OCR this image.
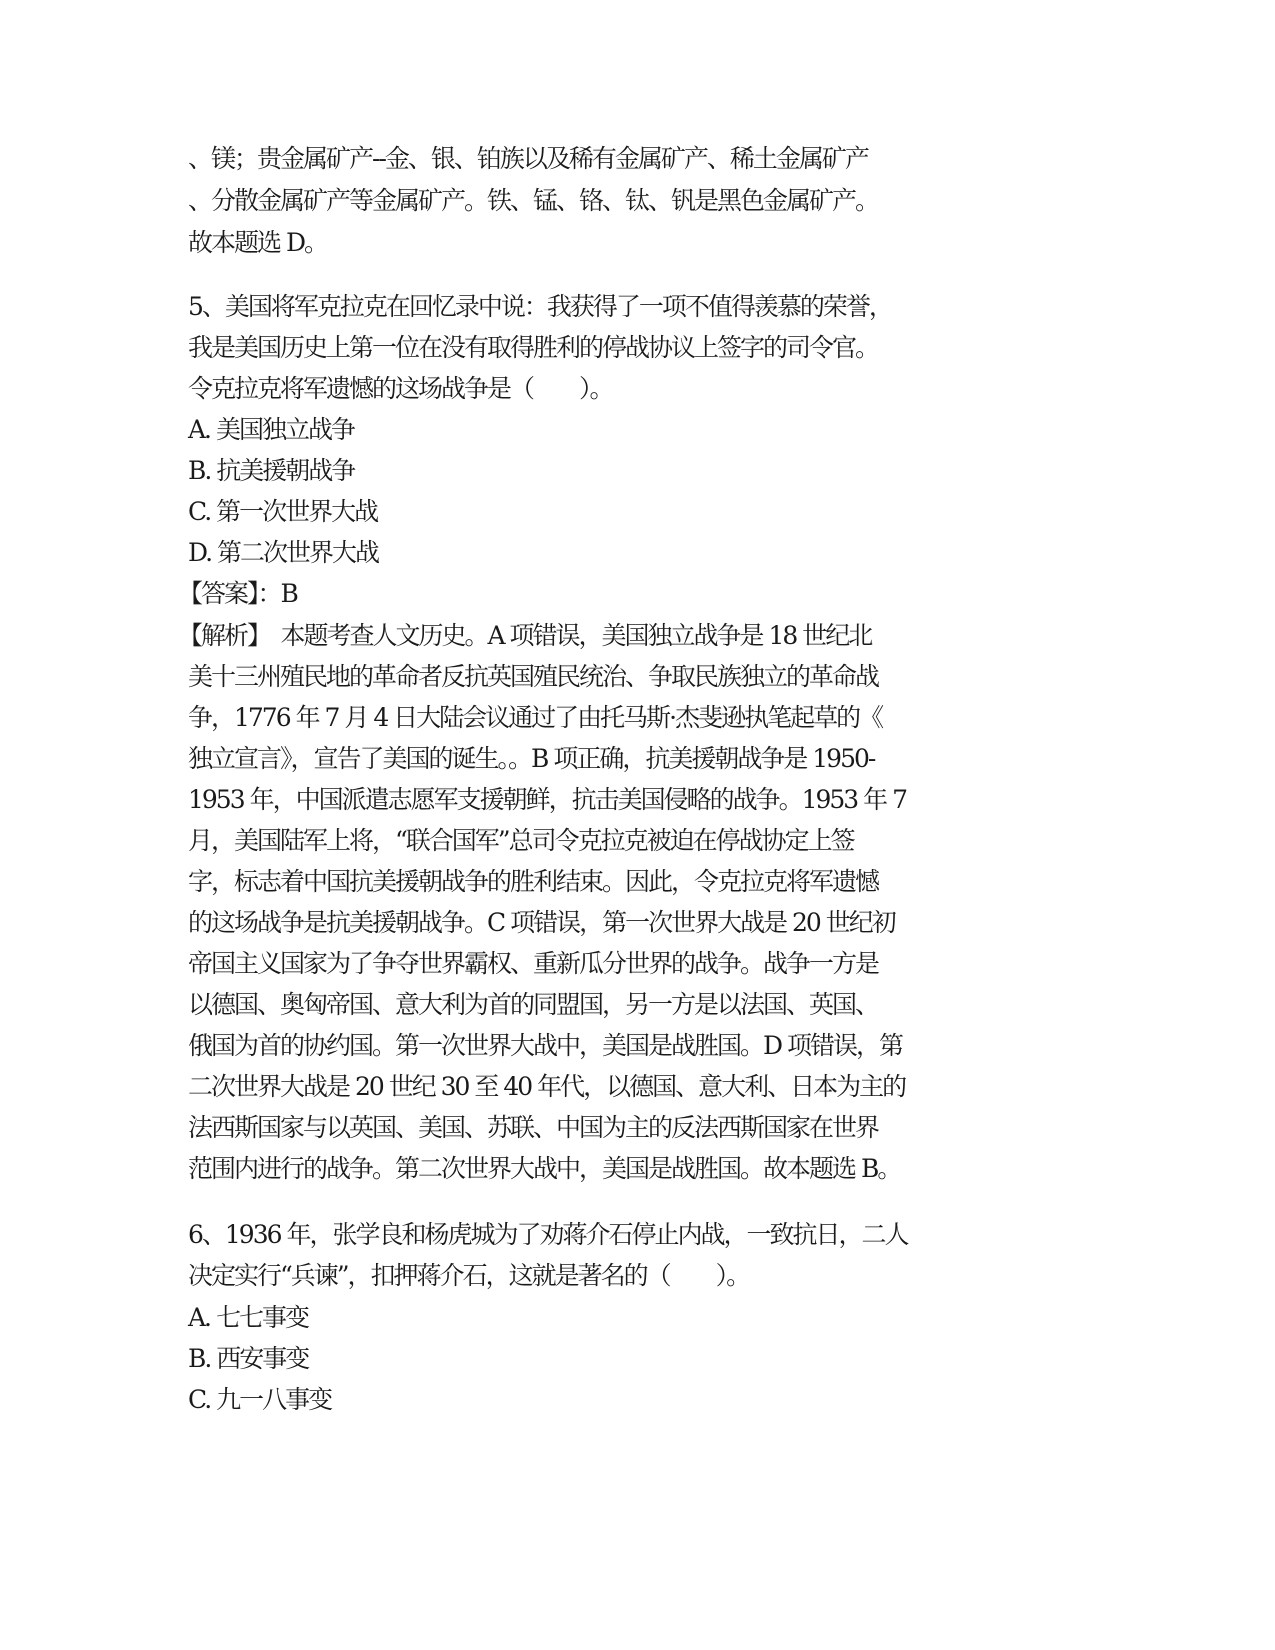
、镁；贵金属矿产--金、银、铂族以及稀有金属矿产、稀土金属矿产
、分散金属矿产等金属矿产。铁、锰、铬、钛、钒是黑色金属矿产。
故本题选 D。
5、美国将军克拉克在回忆录中说：我获得了一项不值得羡慕的荣誉，
我是美国历史上第一位在没有取得胜利的停战协议上签字的司令官。
令克拉克将军遗憾的这场战争是（　　）。
A. 美国独立战争
B. 抗美援朝战争
C. 第一次世界大战
D. 第二次世界大战
【答案】：B
【解析】　本题考查人文历史。A 项错误，美国独立战争是 18 世纪北
美十三州殖民地的革命者反抗英国殖民统治、争取民族独立的革命战
争，1776 年 7 月 4 日大陆会议通过了由托马斯·杰斐逊执笔起草的《
独立宣言》，宣告了美国的诞生。。B 项正确，抗美援朝战争是 1950-
1953 年，中国派遣志愿军支援朝鲜，抗击美国侵略的战争。1953 年 7
月，美国陆军上将，“联合国军”总司令克拉克被迫在停战协定上签
字，标志着中国抗美援朝战争的胜利结束。因此，令克拉克将军遗憾
的这场战争是抗美援朝战争。C 项错误，第一次世界大战是 20 世纪初
帝国主义国家为了争夺世界霸权、重新瓜分世界的战争。战争一方是
以德国、奥匈帝国、意大利为首的同盟国，另一方是以法国、英国、
俄国为首的协约国。第一次世界大战中，美国是战胜国。D 项错误，第
二次世界大战是 20 世纪 30 至 40 年代，以德国、意大利、日本为主的
法西斯国家与以英国、美国、苏联、中国为主的反法西斯国家在世界
范围内进行的战争。第二次世界大战中，美国是战胜国。故本题选 B。
6、1936 年，张学良和杨虎城为了劝蒋介石停止内战，一致抗日，二人
决定实行“兵谏”，扣押蒋介石，这就是著名的（　　）。
A. 七七事变
B. 西安事变
C. 九一八事变
